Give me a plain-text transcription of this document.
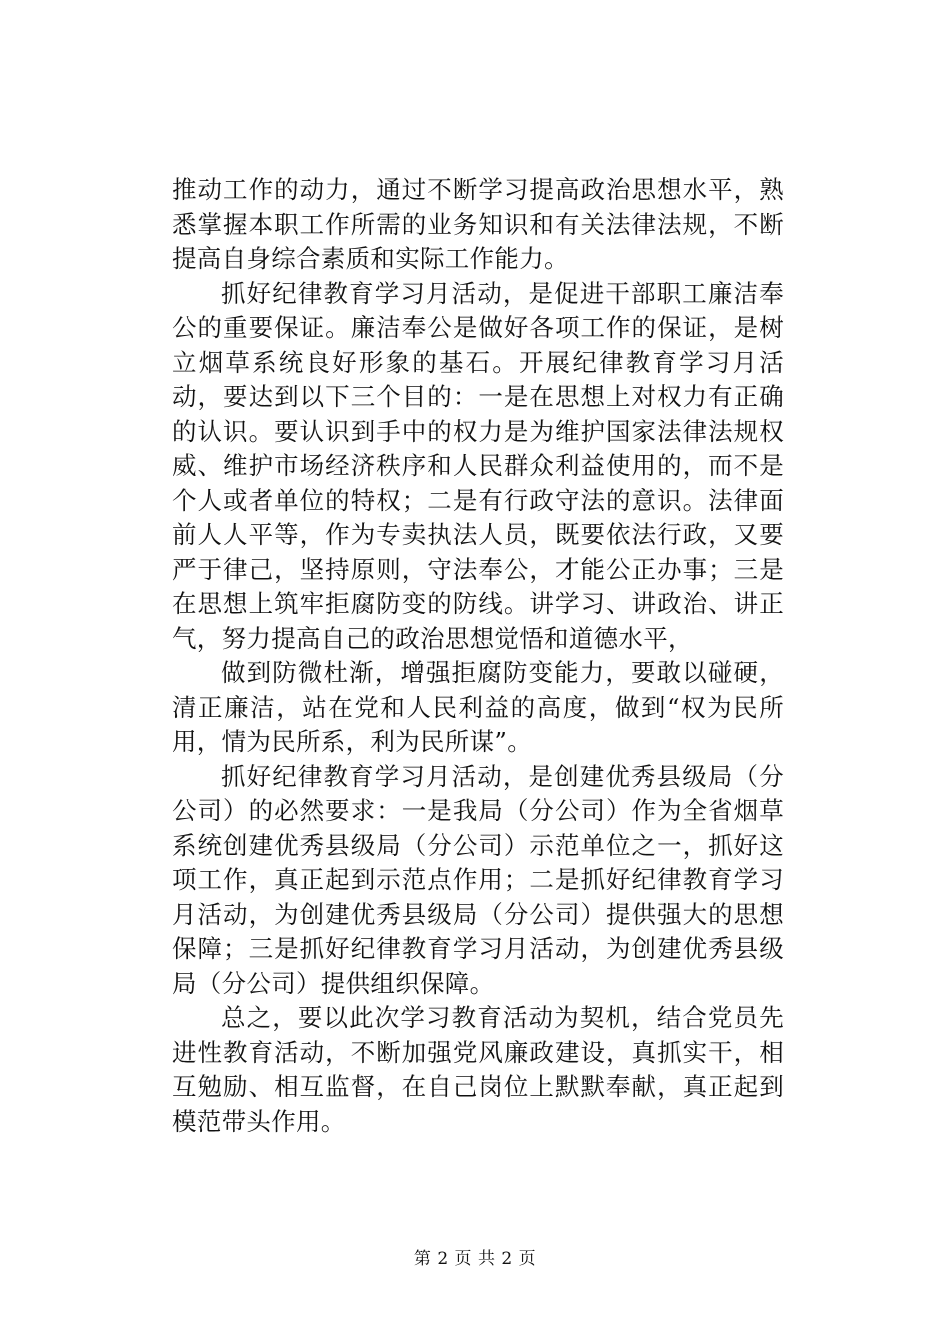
推动工作的动力，通过不断学习提高政治思想水平，熟悉掌握本职工作所需的业务知识和有关法律法规，不断提高自身综合素质和实际工作能力。

抓好纪律教育学习月活动，是促进干部职工廉洁奉公的重要保证。廉洁奉公是做好各项工作的保证，是树立烟草系统良好形象的基石。开展纪律教育学习月活动，要达到以下三个目的：一是在思想上对权力有正确的认识。要认识到手中的权力是为维护国家法律法规权威、维护市场经济秩序和人民群众利益使用的，而不是个人或者单位的特权；二是有行政守法的意识。法律面前人人平等，作为专卖执法人员，既要依法行政，又要严于律己，坚持原则，守法奉公，才能公正办事；三是在思想上筑牢拒腐防变的防线。讲学习、讲政治、讲正气，努力提高自己的政治思想觉悟和道德水平，

做到防微杜渐，增强拒腐防变能力，要敢以碰硬，清正廉洁，站在党和人民利益的高度，做到“权为民所用，情为民所系，利为民所谋”。

抓好纪律教育学习月活动，是创建优秀县级局（分公司）的必然要求：一是我局（分公司）作为全省烟草系统创建优秀县级局（分公司）示范单位之一，抓好这项工作，真正起到示范点作用；二是抓好纪律教育学习月活动，为创建优秀县级局（分公司）提供强大的思想保障；三是抓好纪律教育学习月活动，为创建优秀县级局（分公司）提供组织保障。

总之，要以此次学习教育活动为契机，结合党员先进性教育活动，不断加强党风廉政建设，真抓实干，相互勉励、相互监督，在自己岗位上默默奉献，真正起到模范带头作用。

第 2 页 共 2 页
